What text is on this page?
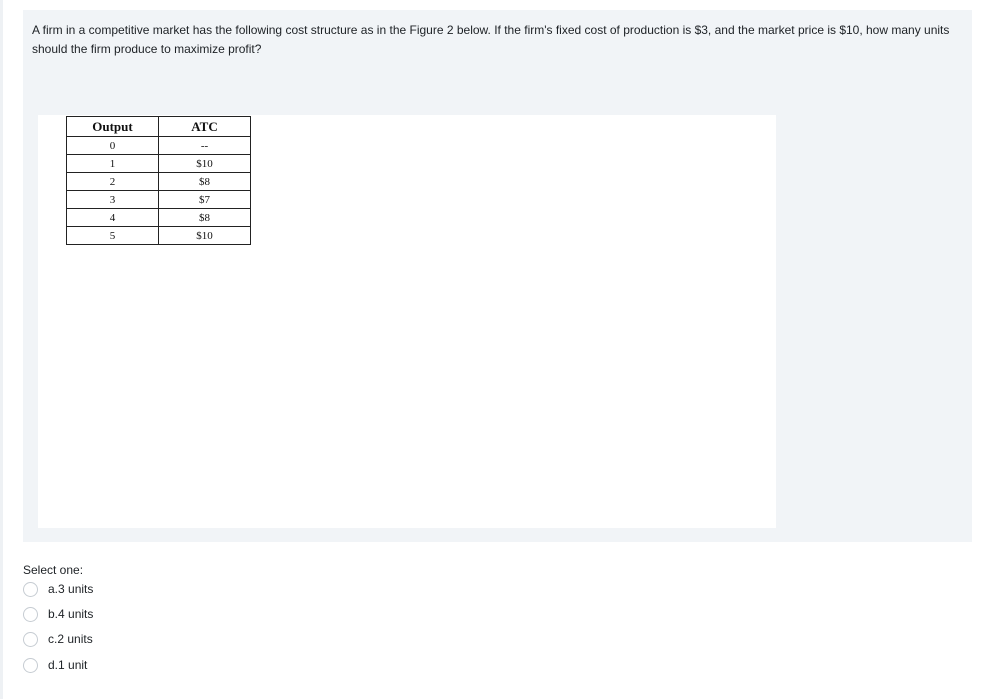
A firm in a competitive market has the following cost structure as in the Figure 2 below. If the firm's fixed cost of production is $3, and the market price is $10, how many units should the firm produce to maximize profit?

Output	ATC
0	--
1	$10
2	$8
3	$7
4	$8
5	$10
Select one:
a.3 units
b.4 units
c.2 units
d.1 unit
